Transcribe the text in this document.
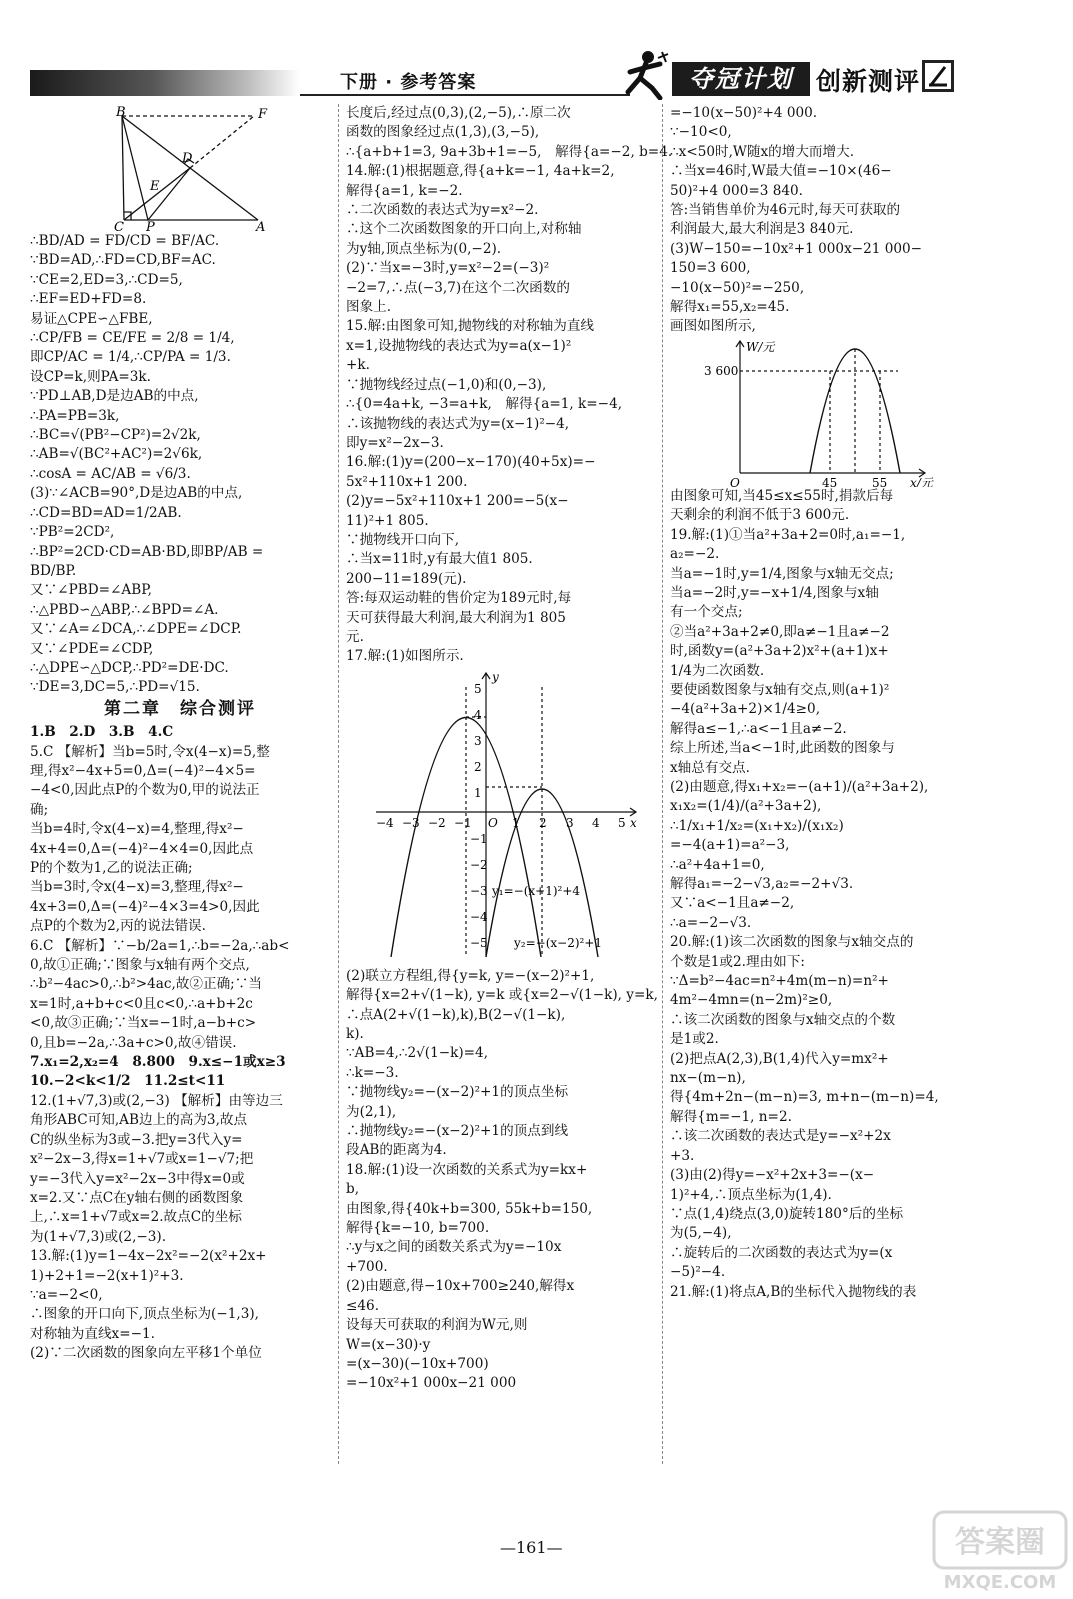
下册 · 参考答案	夺冠计划 创新测评
B	F
D
E
C P	A

∴BD/AD = FD/CD = BF/AC.

∵BD=AD,∴FD=CD,BF=AC.

∵CE=2,ED=3,∴CD=5,

∴EF=ED+FD=8.

易证△CPE∽△FBE,

∴CP/FB = CE/FE = 2/8 = 1/4,

即CP/AC = 1/4,∴CP/PA = 1/3.

设CP=k,则PA=3k.

∵PD⊥AB,D是边AB的中点,

∴PA=PB=3k,

∴BC=√(PB²−CP²)=2√2k,

∴AB=√(BC²+AC²)=2√6k,

∴cosA = AC/AB = √6/3.

(3)∵∠ACB=90°,D是边AB的中点,

∴CD=BD=AD=1/2AB.

∵PB²=2CD²,

∴BP²=2CD·CD=AB·BD,即BP/AB =

BD/BP.

又∵∠PBD=∠ABP,

∴△PBD∽△ABP,∴∠BPD=∠A.

又∵∠A=∠DCA,∴∠DPE=∠DCP.

又∵∠PDE=∠CDP,

∴△DPE∽△DCP,∴PD²=DE·DC.

∵DE=3,DC=5,∴PD=√15.

第二章　综合测评

1.B　2.D　3.B　4.C

5.C 【解析】当b=5时,令x(4−x)=5,整

理,得x²−4x+5=0,Δ=(−4)²−4×5=

−4<0,因此点P的个数为0,甲的说法正

确;

当b=4时,令x(4−x)=4,整理,得x²−

4x+4=0,Δ=(−4)²−4×4=0,因此点

P的个数为1,乙的说法正确;

当b=3时,令x(4−x)=3,整理,得x²−

4x+3=0,Δ=(−4)²−4×3=4>0,因此

点P的个数为2,丙的说法错误.

6.C 【解析】∵−b/2a=1,∴b=−2a,∴ab<

0,故①正确;∵图象与x轴有两个交点,

∴b²−4ac>0,∴b²>4ac,故②正确;∵当

x=1时,a+b+c<0且c<0,∴a+b+2c

<0,故③正确;∵当x=−1时,a−b+c>

0,且b=−2a,∴3a+c>0,故④错误.

7.x₁=2,x₂=4　8.800　9.x≤−1或x≥3

10.−2<k<1/2　11.2≤t<11

12.(1+√7,3)或(2,−3) 【解析】由等边三

角形ABC可知,AB边上的高为3,故点

C的纵坐标为3或−3.把y=3代入y=

x²−2x−3,得x=1+√7或x=1−√7;把

y=−3代入y=x²−2x−3中得x=0或

x=2.又∵点C在y轴右侧的函数图象

上,∴x=1+√7或x=2.故点C的坐标

为(1+√7,3)或(2,−3).

13.解:(1)y=1−4x−2x²=−2(x²+2x+

1)+2+1=−2(x+1)²+3.

∵a=−2<0,

∴图象的开口向下,顶点坐标为(−1,3),

对称轴为直线x=−1.

(2)∵二次函数的图象向左平移1个单位

长度后,经过点(0,3),(2,−5),∴原二次

函数的图象经过点(1,3),(3,−5),

∴{a+b+1=3, 9a+3b+1=−5,　解得{a=−2, b=4.

14.解:(1)根据题意,得{a+k=−1, 4a+k=2,

解得{a=1, k=−2.

∴二次函数的表达式为y=x²−2.

∴这个二次函数图象的开口向上,对称轴

为y轴,顶点坐标为(0,−2).

(2)∵当x=−3时,y=x²−2=(−3)²

−2=7,∴点(−3,7)在这个二次函数的

图象上.

15.解:由图象可知,抛物线的对称轴为直线

x=1,设抛物线的表达式为y=a(x−1)²

+k.

∵抛物线经过点(−1,0)和(0,−3),

∴{0=4a+k, −3=a+k,　解得{a=1, k=−4,

∴该抛物线的表达式为y=(x−1)²−4,

即y=x²−2x−3.

16.解:(1)y=(200−x−170)(40+5x)=−

5x²+110x+1 200.

(2)y=−5x²+110x+1 200=−5(x−

11)²+1 805.

∵抛物线开口向下,

∴当x=11时,y有最大值1 805.

200−11=189(元).

答:每双运动鞋的售价定为189元时,每

天可获得最大利润,最大利润为1 805

元.

17.解:(1)如图所示.

y
x
−4 −3 −2 −1 O 1 2 3 4 5
5
4
3
2
1
−1
−2
−3
−4
−5
y₁=−(x+1)²+4
y₂=−(x−2)²+1

(2)联立方程组,得{y=k, y=−(x−2)²+1,

解得{x=2+√(1−k), y=k 或{x=2−√(1−k), y=k,

∴点A(2+√(1−k),k),B(2−√(1−k),

k).

∵AB=4,∴2√(1−k)=4,

∴k=−3.

∵抛物线y₂=−(x−2)²+1的顶点坐标

为(2,1),

∴抛物线y₂=−(x−2)²+1的顶点到线

段AB的距离为4.

18.解:(1)设一次函数的关系式为y=kx+

b,

由图象,得{40k+b=300, 55k+b=150,

解得{k=−10, b=700.

∴y与x之间的函数关系式为y=−10x

+700.

(2)由题意,得−10x+700≥240,解得x

≤46.

设每天可获取的利润为W元,则

W=(x−30)·y

=(x−30)(−10x+700)

=−10x²+1 000x−21 000

=−10(x−50)²+4 000.

∵−10<0,

∴x<50时,W随x的增大而增大.

∴当x=46时,W最大值=−10×(46−

50)²+4 000=3 840.

答:当销售单价为46元时,每天可获取的

利润最大,最大利润是3 840元.

(3)W−150=−10x²+1 000x−21 000−

150=3 600,

−10(x−50)²=−250,

解得x₁=55,x₂=45.

画图如图所示,

W/元
x/元
3 600
45	55
O

由图象可知,当45≤x≤55时,捐款后每

天剩余的利润不低于3 600元.

19.解:(1)①当a²+3a+2=0时,a₁=−1,

a₂=−2.

当a=−1时,y=1/4,图象与x轴无交点;

当a=−2时,y=−x+1/4,图象与x轴

有一个交点;

②当a²+3a+2≠0,即a≠−1且a≠−2

时,函数y=(a²+3a+2)x²+(a+1)x+

1/4为二次函数.

要使函数图象与x轴有交点,则(a+1)²

−4(a²+3a+2)×1/4≥0,

解得a≤−1,∴a<−1且a≠−2.

综上所述,当a<−1时,此函数的图象与

x轴总有交点.

(2)由题意,得x₁+x₂=−(a+1)/(a²+3a+2),

x₁x₂=(1/4)/(a²+3a+2),

∴1/x₁+1/x₂=(x₁+x₂)/(x₁x₂)

=−4(a+1)=a²−3,

∴a²+4a+1=0,

解得a₁=−2−√3,a₂=−2+√3.

又∵a<−1且a≠−2,

∴a=−2−√3.

20.解:(1)该二次函数的图象与x轴交点的

个数是1或2.理由如下:

∵Δ=b²−4ac=n²+4m(m−n)=n²+

4m²−4mn=(n−2m)²≥0,

∴该二次函数的图象与x轴交点的个数

是1或2.

(2)把点A(2,3),B(1,4)代入y=mx²+

nx−(m−n),

得{4m+2n−(m−n)=3, m+n−(m−n)=4,

解得{m=−1, n=2.

∴该二次函数的表达式是y=−x²+2x

+3.

(3)由(2)得y=−x²+2x+3=−(x−

1)²+4,∴顶点坐标为(1,4).

∵点(1,4)绕点(3,0)旋转180°后的坐标

为(5,−4),

∴旋转后的二次函数的表达式为y=(x

−5)²−4.

21.解:(1)将点A,B的坐标代入抛物线的表

—161—	答案圈
MXQE.COM
